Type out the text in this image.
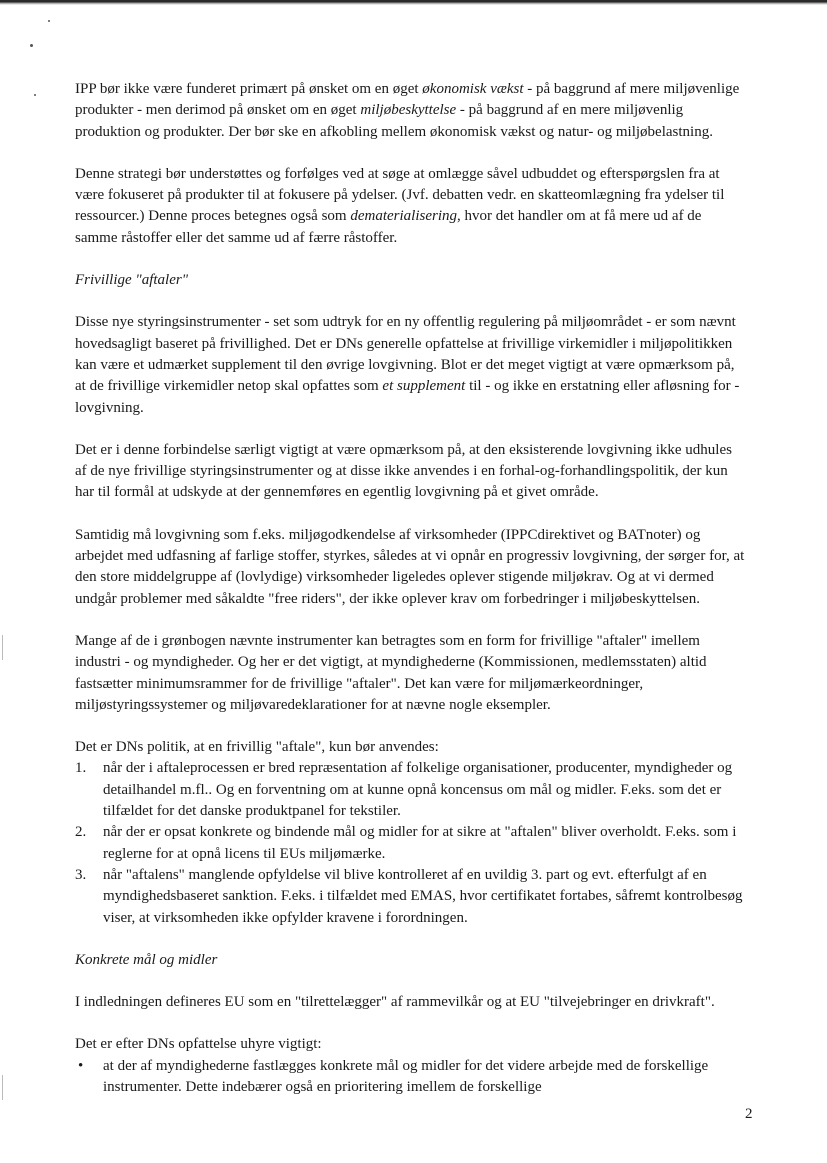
IPP bør ikke være funderet primært på ønsket om en øget økonomisk vækst - på baggrund af mere miljøvenlige produkter - men derimod på ønsket om en øget miljøbeskyttelse - på baggrund af en mere miljøvenlig produktion og produkter. Der bør ske en afkobling mellem økonomisk vækst og natur- og miljøbelastning.

Denne strategi bør understøttes og forfølges ved at søge at omlægge såvel udbuddet og efterspørgslen fra at være fokuseret på produkter til at fokusere på ydelser. (Jvf. debatten vedr. en skatteomlægning fra ydelser til ressourcer.) Denne proces betegnes også som dematerialisering, hvor det handler om at få mere ud af de samme råstoffer eller det samme ud af færre råstoffer.

Frivillige "aftaler"

Disse nye styringsinstrumenter - set som udtryk for en ny offentlig regulering på miljøområdet - er som nævnt hovedsagligt baseret på frivillighed. Det er DNs generelle opfattelse at frivillige virkemidler i miljøpolitikken kan være et udmærket supplement til den øvrige lovgivning. Blot er det meget vigtigt at være opmærksom på, at de frivillige virkemidler netop skal opfattes som et supplement til - og ikke en erstatning eller afløsning for - lovgivning.

Det er i denne forbindelse særligt vigtigt at være opmærksom på, at den eksisterende lovgivning ikke udhules af de nye frivillige styringsinstrumenter og at disse ikke anvendes i en forhal-og-forhandlingspolitik, der kun har til formål at udskyde at der gennemføres en egentlig lovgivning på et givet område.

Samtidig må lovgivning som f.eks. miljøgodkendelse af virksomheder (IPPCdirektivet og BATnoter) og arbejdet med udfasning af farlige stoffer, styrkes, således at vi opnår en progressiv lovgivning, der sørger for, at den store middelgruppe af (lovlydige) virksomheder ligeledes oplever stigende miljøkrav. Og at vi dermed undgår problemer med såkaldte "free riders", der ikke oplever krav om forbedringer i miljøbeskyttelsen.

Mange af de i grønbogen nævnte instrumenter kan betragtes som en form for frivillige "aftaler" imellem industri - og myndigheder. Og her er det vigtigt, at myndighederne (Kommissionen, medlemsstaten) altid fastsætter minimumsrammer for de frivillige "aftaler". Det kan være for miljømærkeordninger, miljøstyringssystemer og miljøvaredeklarationer for at nævne nogle eksempler.

Det er DNs politik, at en frivillig "aftale", kun bør anvendes:

1. når der i aftaleprocessen er bred repræsentation af folkelige organisationer, producenter, myndigheder og detailhandel m.fl.. Og en forventning om at kunne opnå koncensus om mål og midler. F.eks. som det er tilfældet for det danske produktpanel for tekstiler.
2. når der er opsat konkrete og bindende mål og midler for at sikre at "aftalen" bliver overholdt. F.eks. som i reglerne for at opnå licens til EUs miljømærke.
3. når "aftalens" manglende opfyldelse vil blive kontrolleret af en uvildig 3. part og evt. efterfulgt af en myndighedsbaseret sanktion. F.eks. i tilfældet med EMAS, hvor certifikatet fortabes, såfremt kontrolbesøg viser, at virksomheden ikke opfylder kravene i forordningen.

Konkrete mål og midler

I indledningen defineres EU som en "tilrettelægger" af rammevilkår og at EU "tilvejebringer en drivkraft".

Det er efter DNs opfattelse uhyre vigtigt:

• at der af myndighederne fastlægges konkrete mål og midler for det videre arbejde med de forskellige instrumenter. Dette indebærer også en prioritering imellem de forskellige
2
